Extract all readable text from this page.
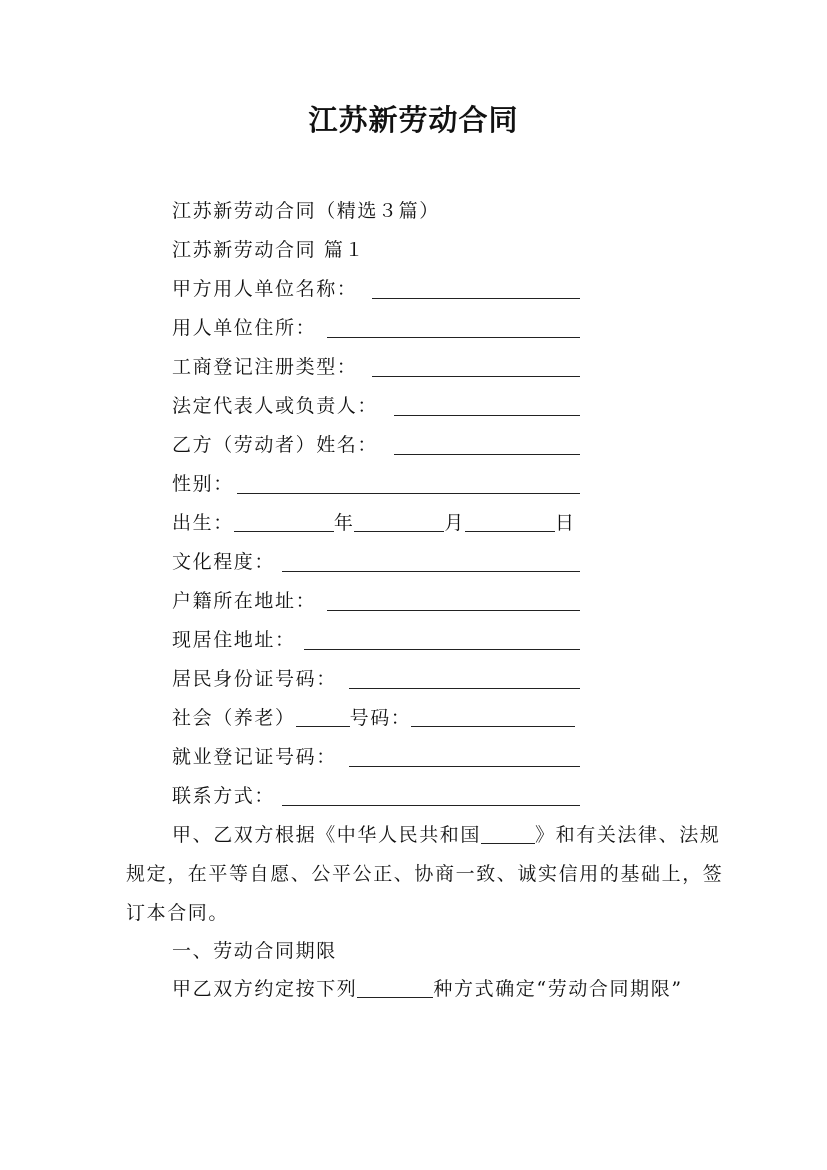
江苏新劳动合同
江苏新劳动合同（精选３篇）
江苏新劳动合同 篇１
甲方用人单位名称：
用人单位住所：
工商登记注册类型：
法定代表人或负责人：
乙方（劳动者）姓名：
性别：
出生：	年	月	日
文化程度：
户籍所在地址：
现居住地址：
居民身份证号码：
社会（养老）	号码：
就业登记证号码：
联系方式：

甲、乙双方根据《中华人民共和国	》和有关法律、法规规定，在平等自愿、公平公正、协商一致、诚实信用的基础上，签订本合同。

一、劳动合同期限

甲乙双方约定按下列	种方式确定“劳动合同期限”
